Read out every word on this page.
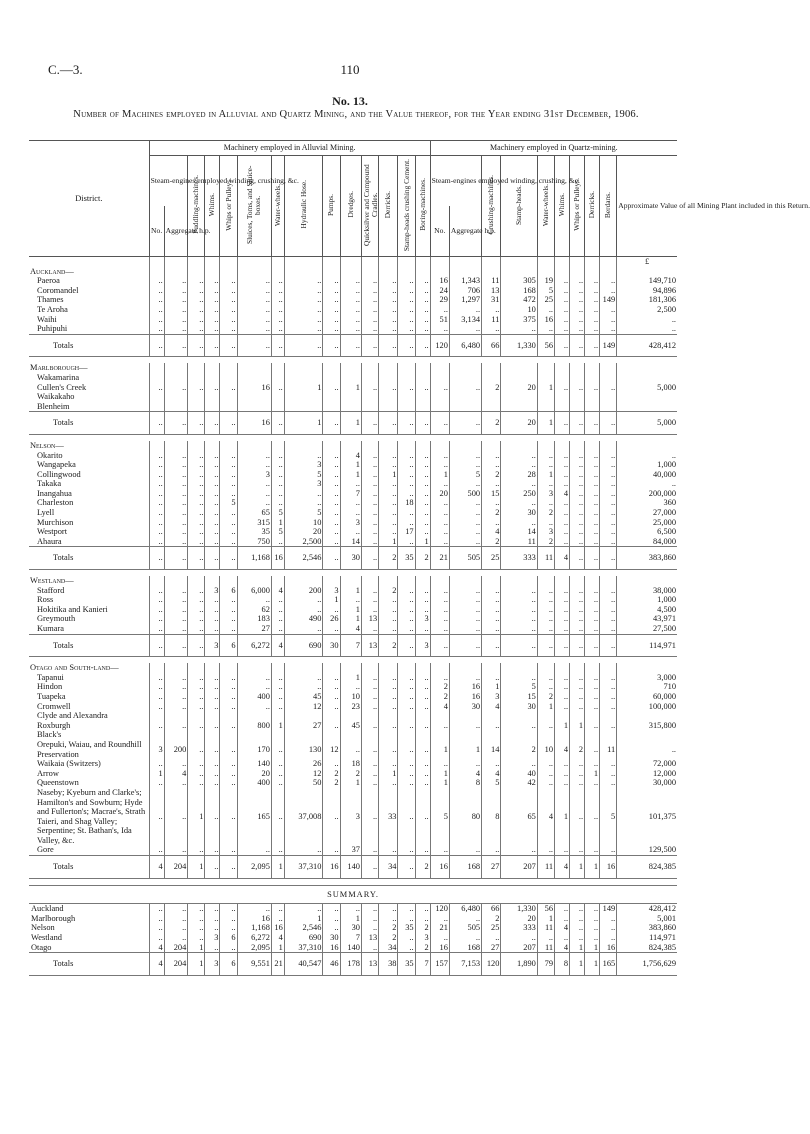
C.—3.	110
No. 13.
Number of Machines employed in Alluvial and Quartz Mining, and the Value thereof, for the Year ending 31st December, 1906.
District.	Machinery employed in Alluvial Mining.														Machinery employed in Quartz-mining.									
	Steam-engines employed winding, crushing, &c.		Puddling-machines.	Whims.	Whips or Pulleys.	Sluices, Toms, and Sluice-boxes.	Water-wheels.	Hydraulic Hose.	Pumps.	Dredges.	Quicksilver and Compound Cradles.	Derricks.	Stamp-heads crushing Cement.	Boring-machines.	Steam-engines employed winding, crushing, &c.		Crushing-machines.	Stamp-heads.	Water-wheels.	Whims.	Whips or Pulleys.	Derricks.	Berdans.	Approximate Value of all Mining Plant included in this Return.
	No.	Aggregate h.p.													No.	Aggregate h.p.								
																								£
Auckland—																								
Paeroa	..	..	..	..	..	..	..	..	..	..	..	..	..	..	16	1,343	11	305	19	..	..	..	..	149,710
Coromandel	..	..	..	..	..	..	..	..	..	..	..	..	..	..	24	706	13	168	5	..	..	..	..	94,896
Thames	..	..	..	..	..	..	..	..	..	..	..	..	..	..	29	1,297	31	472	25	..	..	..	149	181,306
Te Aroha	..	..	..	..	..	..	..	..	..	..	..	..	..	..	..	..	..	10	..	..	..	..	..	2,500
Waihi	..	..	..	..	..	..	..	..	..	..	..	..	..	..	51	3,134	11	375	16	..	..	..	..	..
Puhipuhi	..	..	..	..	..	..	..	..	..	..	..	..	..	..	..	..	..	..	..	..	..	..	..	..
Totals	..	..	..	..	..	..	..	..	..	..	..	..	..	..	120	6,480	66	1,330	56	..	..	..	149	428,412

Marlborough—																								
Wakamarina																								
Cullen's Creek	..	..	..	..	..	16	..	1	..	1	..	..	..	..	..	..	2	20	1	..	..	..	..	5,000
Waikakaho																								
Blenheim																								
Totals	..	..	..	..	..	16	..	1	..	1	..	..	..	..	..	..	2	20	1	..	..	..	..	5,000

Nelson—																								
Okarito	..	..	..	..	..	..	..	..	..	4	..	..	..	..	..	..	..	..	..	..	..	..	..	..
Wangapeka	..	..	..	..	..	..	..	3	..	1	..	..	..	..	..	..	..	..	..	..	..	..	..	1,000
Collingwood	..	..	..	..	..	3	..	5	..	1	..	1	..	..	1	5	2	28	1	..	..	..	..	40,000
Takaka	..	..	..	..	..	..	..	3	..	..	..	..	..	..	..	..	..	..	..	..	..	..	..	..
Inangahua	..	..	..	..	..	..	..	..	..	7	..	..	..	..	20	500	15	250	3	4	..	..	..	200,000
Charleston	..	..	..	..	5	..	..	..	..	..	..	..	18	..	..	..	..	..	..	..	..	..	..	360
Lyell	..	..	..	..	..	65	5	5	..	..	..	..	..	..	..	..	2	30	2	..	..	..	..	27,000
Murchison	..	..	..	..	..	315	1	10	..	3	..	..	..	..	..	..	..	..	..	..	..	..	..	25,000
Westport	..	..	..	..	..	35	5	20	..	..	..	..	17	..	..	..	4	14	3	..	..	..	..	6,500
Ahaura	..	..	..	..	..	750	..	2,500	..	14	..	1	..	1	..	..	2	11	2	..	..	..	..	84,000
Totals	..	..	..	..	..	1,168	16	2,546	..	30	..	2	35	2	21	505	25	333	11	4	..	..	..	383,860

Westland—																								
Stafford	..	..	..	3	6	6,000	4	200	3	1	..	2	..	..	..	..	..	..	..	..	..	..	..	38,000
Ross	..	..	..	..	..	..	..	..	1	..	..	..	..	..	..	..	..	..	..	..	..	..	..	1,000
Hokitika and Kanieri	..	..	..	..	..	62	..	..	..	1	..	..	..	..	..	..	..	..	..	..	..	..	..	4,500
Greymouth	..	..	..	..	..	183	..	490	26	1	13	..	..	3	..	..	..	..	..	..	..	..	..	43,971
Kumara	..	..	..	..	..	27	..	..	..	4	..	..	..	..	..	..	..	..	..	..	..	..	..	27,500
Totals	..	..	..	3	6	6,272	4	690	30	7	13	2	..	3	..	..	..	..	..	..	..	..	..	114,971

Otago and South-land—																								
Tapanui	..	..	..	..	..	..	..	..	..	1	..	..	..	..	..	..	..	..	..	..	..	..	..	3,000
Hindon	..	..	..	..	..	..	..	..	..	..	..	..	..	..	2	16	1	5	..	..	..	..	..	710
Tuapeka	..	..	..	..	..	400	..	45	..	10	..	..	..	..	2	16	3	15	2	..	..	..	..	60,000
Cromwell	..	..	..	..	..	..	..	12	..	23	..	..	..	..	4	30	4	30	1	..	..	..	..	100,000
Clyde and Alexandra																								
Roxburgh	..	..	..	..	..	800	1	27	..	45	..	..	..	..	..	..	..	..	..	1	1	..	..	315,800
Black's																								
Orepuki, Waiau, and Roundhill Preservation	3	200	..	..	..	170	..	130	12	..	..	..	..	..	1	1	14	2	10	4	2	..	11	..
Waikaia (Switzers)	..	..	..	..	..	140	..	26	..	18	..	..	..	..	..	..	..	..	..	..	..	..	..	72,000
Arrow	1	4	..	..	..	20	..	12	2	2	..	1	..	..	1	4	4	40	..	..	..	1	..	12,000
Queenstown	..	..	..	..	..	400	..	50	2	1	..	..	..	..	1	8	5	42	..	..	..	..	..	30,000
Naseby; Kyeburn and Clarke's; Hamilton's and Sowburn; Hyde and Fullerton's; Macrae's, Strath Taieri, and Shag Valley; Serpentine; St. Bathan's, Ida Valley, &c.	..	..	1	..	..	165	..	37,008	..	3	..	33	..	..	5	80	8	65	4	1	..	..	5	101,375
Gore	..	..	..	..	..	..	..	..	..	37	..	..	..	..	..	..	..	..	..	..	..	..	..	129,500
Totals	4	204	1	..	..	2,095	1	37,310	16	140	..	34	..	2	16	168	27	207	11	4	1	1	16	824,385

SUMMARY.																								
Auckland	..	..	..	..	..	..	..	..	..	..	..	..	..	..	120	6,480	66	1,330	56	..	..	..	149	428,412
Marlborough	..	..	..	..	..	16	..	1	..	1	..	..	..	..	..	..	2	20	1	..	..	..	..	5,001
Nelson	..	..	..	..	..	1,168	16	2,546	..	30	..	2	35	2	21	505	25	333	11	4	..	..	..	383,860
Westland	..	..	..	3	6	6,272	4	690	30	7	13	2	..	3	..	..	..	..	..	..	..	..	..	114,971
Otago	4	204	1	..	..	2,095	1	37,310	16	140	..	34	..	2	16	168	27	207	11	4	1	1	16	824,385
Totals	4	204	1	3	6	9,551	21	40,547	46	178	13	38	35	7	157	7,153	120	1,890	79	8	1	1	165	1,756,629
